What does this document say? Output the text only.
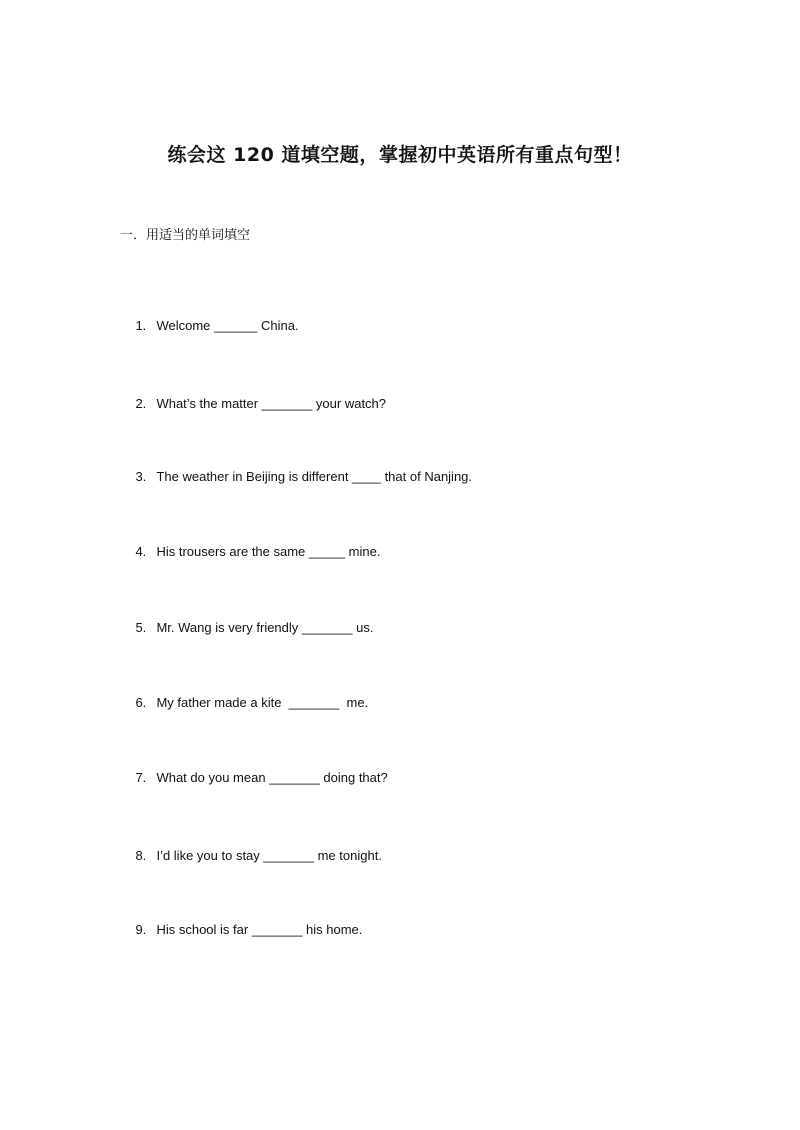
练会这 120 道填空题，掌握初中英语所有重点句型！
一．用适当的单词填空

1. Welcome ______ China.

2. What’s the matter _______ your watch?

3. The weather in Beijing is different ____ that of Nanjing.

4. His trousers are the same _____ mine.

5. Mr. Wang is very friendly _______ us.

6. My father made a kite  _______  me.

7. What do you mean _______ doing that?

8. I’d like you to stay _______ me tonight.

9. His school is far _______ his home.
